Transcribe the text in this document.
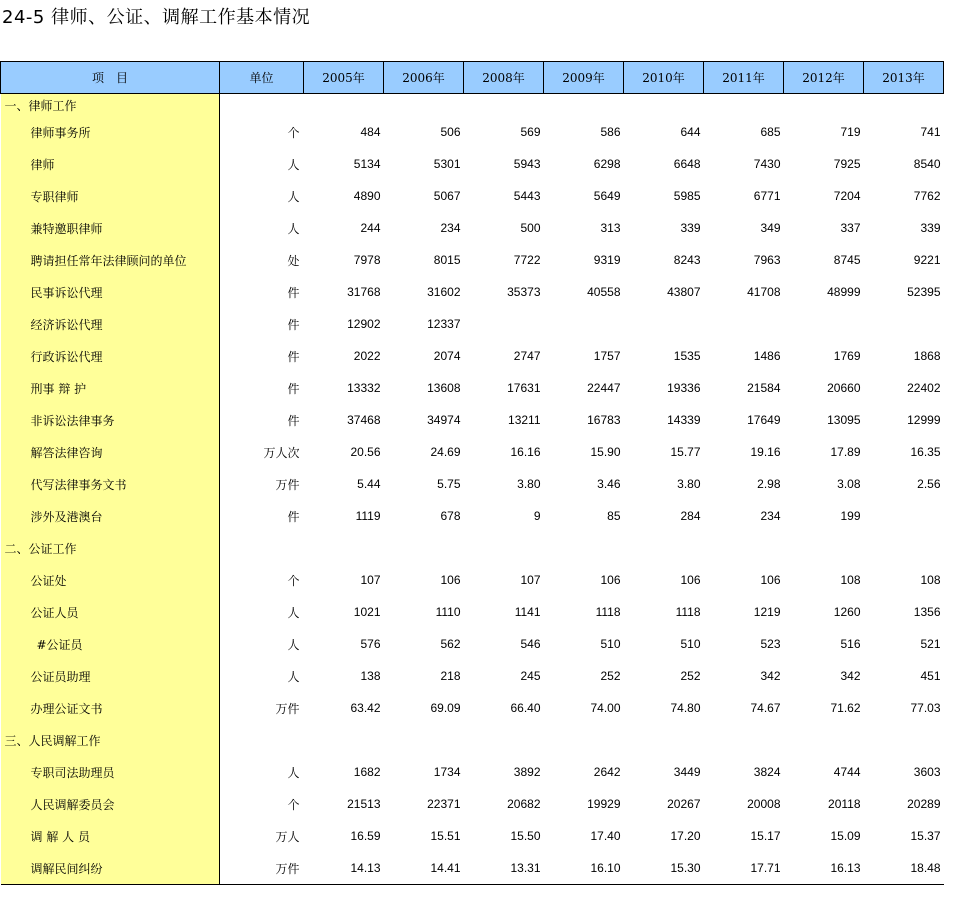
24-5 律师、公证、调解工作基本情况
项　目	单位	2005年	2006年	2008年	2009年	2010年	2011年	2012年	2013年
一、律师工作									
律师事务所	个	484	506	569	586	644	685	719	741
律师	人	5134	5301	5943	6298	6648	7430	7925	8540
专职律师	人	4890	5067	5443	5649	5985	6771	7204	7762
兼特邀职律师	人	244	234	500	313	339	349	337	339
聘请担任常年法律顾问的单位	处	7978	8015	7722	9319	8243	7963	8745	9221
民事诉讼代理	件	31768	31602	35373	40558	43807	41708	48999	52395
经济诉讼代理	件	12902	12337						
行政诉讼代理	件	2022	2074	2747	1757	1535	1486	1769	1868
刑事 辩 护	件	13332	13608	17631	22447	19336	21584	20660	22402
非诉讼法律事务	件	37468	34974	13211	16783	14339	17649	13095	12999
解答法律咨询	万人次	20.56	24.69	16.16	15.90	15.77	19.16	17.89	16.35
代写法律事务文书	万件	5.44	5.75	3.80	3.46	3.80	2.98	3.08	2.56
涉外及港澳台	件	1119	678	9	85	284	234	199	
二、公证工作									
公证处	个	107	106	107	106	106	106	108	108
公证人员	人	1021	1110	1141	1118	1118	1219	1260	1356
#公证员	人	576	562	546	510	510	523	516	521
公证员助理	人	138	218	245	252	252	342	342	451
办理公证文书	万件	63.42	69.09	66.40	74.00	74.80	74.67	71.62	77.03
三、人民调解工作									
专职司法助理员	人	1682	1734	3892	2642	3449	3824	4744	3603
人民调解委员会	个	21513	22371	20682	19929	20267	20008	20118	20289
调 解 人 员	万人	16.59	15.51	15.50	17.40	17.20	15.17	15.09	15.37
调解民间纠纷	万件	14.13	14.41	13.31	16.10	15.30	17.71	16.13	18.48
